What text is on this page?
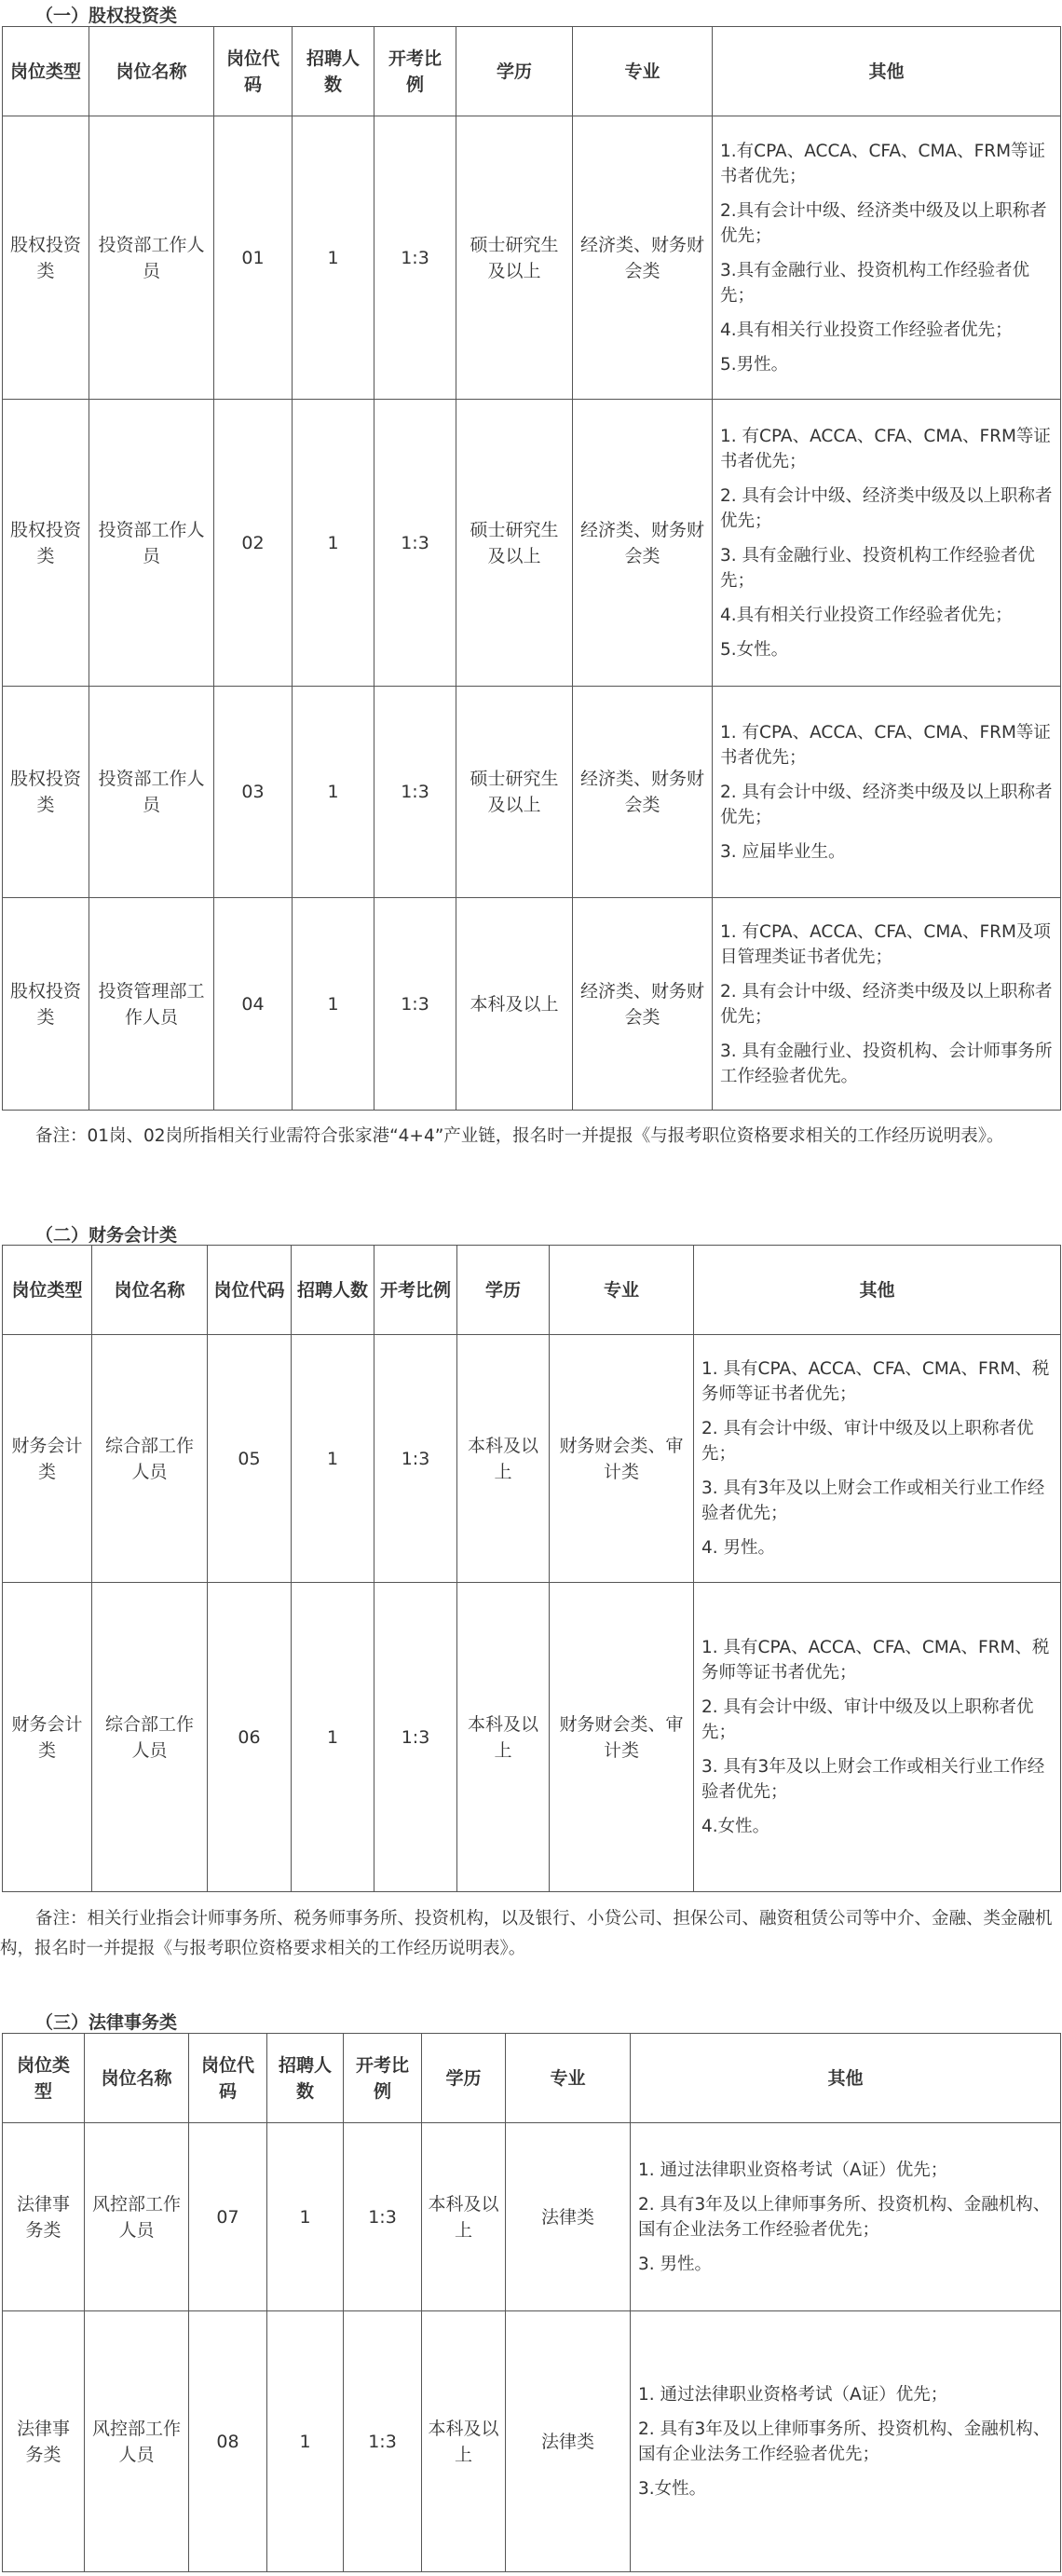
（一）股权投资类
岗位类型	岗位名称	岗位代码	招聘人数	开考比例	学历	专业	其他
股权投资类	投资部工作人员	01	1	1:3	硕士研究生及以上	经济类、财务财会类	1.有CPA、ACCA、CFA、CMA、FRM等证书者优先；

2.具有会计中级、经济类中级及以上职称者优先；

3.具有金融行业、投资机构工作经验者优先；

4.具有相关行业投资工作经验者优先；

5.男性。

股权投资类	投资部工作人员	02	1	1:3	硕士研究生及以上	经济类、财务财会类	1. 有CPA、ACCA、CFA、CMA、FRM等证书者优先；

2. 具有会计中级、经济类中级及以上职称者优先；

3. 具有金融行业、投资机构工作经验者优先；

4.具有相关行业投资工作经验者优先；

5.女性。

股权投资类	投资部工作人员	03	1	1:3	硕士研究生及以上	经济类、财务财会类	1. 有CPA、ACCA、CFA、CMA、FRM等证书者优先；

2. 具有会计中级、经济类中级及以上职称者优先；

3. 应届毕业生。

股权投资类	投资管理部工作人员	04	1	1:3	本科及以上	经济类、财务财会类	1. 有CPA、ACCA、CFA、CMA、FRM及项目管理类证书者优先；

2. 具有会计中级、经济类中级及以上职称者优先；

3. 具有金融行业、投资机构、会计师事务所工作经验者优先。

备注：01岗、02岗所指相关行业需符合张家港“4+4”产业链，报名时一并提报《与报考职位资格要求相关的工作经历说明表》。
（二）财务会计类
岗位类型	岗位名称	岗位代码	招聘人数	开考比例	学历	专业	其他
财务会计类	综合部工作人员	05	1	1:3	本科及以上	财务财会类、审计类	1. 具有CPA、ACCA、CFA、CMA、FRM、税务师等证书者优先；

2. 具有会计中级、审计中级及以上职称者优先；

3. 具有3年及以上财会工作或相关行业工作经验者优先；

4. 男性。

财务会计类	综合部工作人员	06	1	1:3	本科及以上	财务财会类、审计类	1. 具有CPA、ACCA、CFA、CMA、FRM、税务师等证书者优先；

2. 具有会计中级、审计中级及以上职称者优先；

3. 具有3年及以上财会工作或相关行业工作经验者优先；

4.女性。

备注：相关行业指会计师事务所、税务师事务所、投资机构，以及银行、小贷公司、担保公司、融资租赁公司等中介、金融、类金融机构，报名时一并提报《与报考职位资格要求相关的工作经历说明表》。
（三）法律事务类
岗位类型	岗位名称	岗位代码	招聘人数	开考比例	学历	专业	其他
法律事务类	风控部工作人员	07	1	1:3	本科及以上	法律类	1. 通过法律职业资格考试（A证）优先；

2. 具有3年及以上律师事务所、投资机构、金融机构、国有企业法务工作经验者优先；

3. 男性。

法律事务类	风控部工作人员	08	1	1:3	本科及以上	法律类	1. 通过法律职业资格考试（A证）优先；

2. 具有3年及以上律师事务所、投资机构、金融机构、国有企业法务工作经验者优先；

3.女性。
